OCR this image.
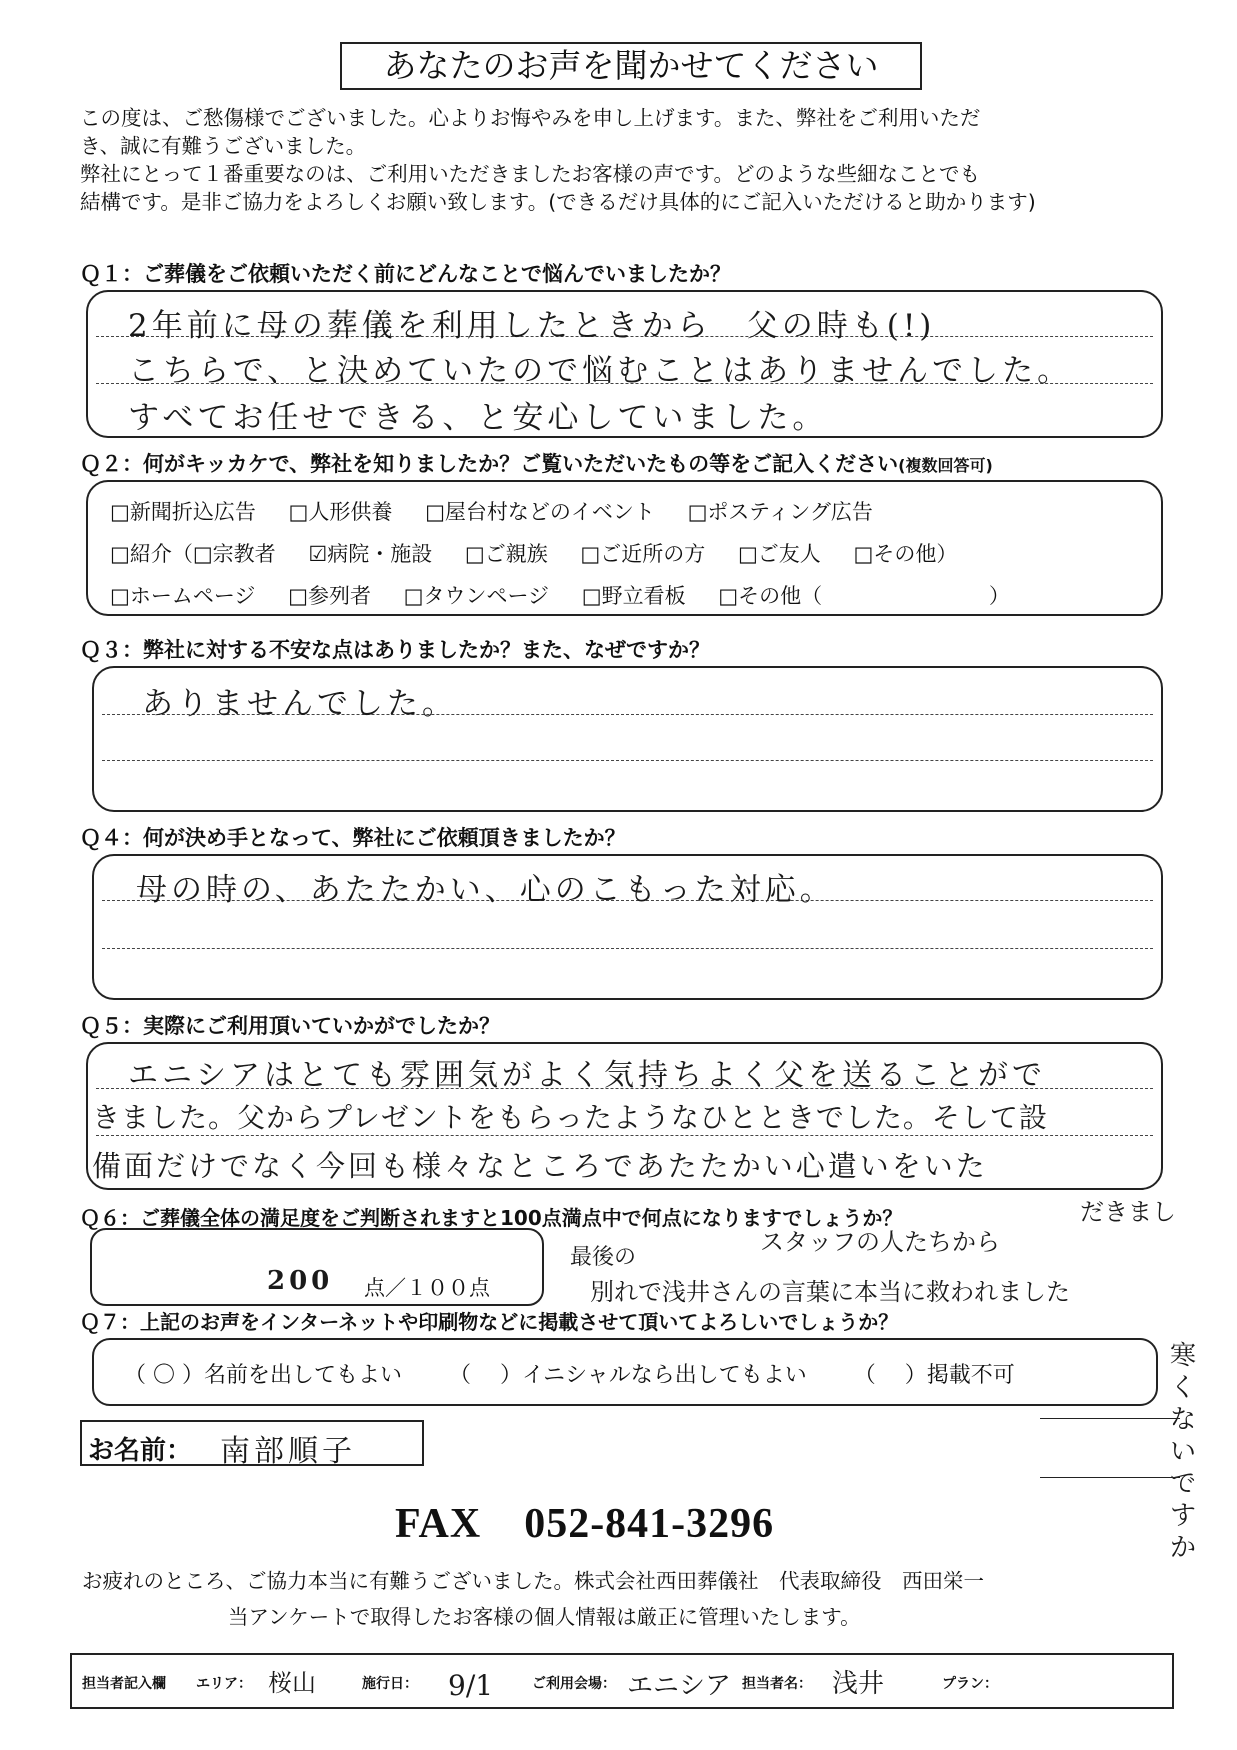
あなたのお声を聞かせてください
この度は、ご愁傷様でございました。心よりお悔やみを申し上げます。また、弊社をご利用いただ
き、誠に有難うございました。
弊社にとって１番重要なのは、ご利用いただきましたお客様の声です。どのような些細なことでも
結構です。是非ご協力をよろしくお願い致します。(できるだけ具体的にご記入いただけると助かります)
Ｑ１：ご葬儀をご依頼いただく前にどんなことで悩んでいましたか？
2年前に母の葬儀を利用したときから　父の時も(!)
こちらで、と決めていたので悩むことはありませんでした。
すべてお任せできる、と安心していました。
Ｑ２：何がキッカケで、弊社を知りましたか？ご覧いただいたもの等をご記入ください(複数回答可)
□新聞折込広告 □人形供養 □屋台村などのイベント □ポスティング広告
□紹介（□宗教者 ☑病院・施設 □ご親族 □ご近所の方 □ご友人 □その他）
□ホームページ □参列者 □タウンページ □野立看板 □その他（	）
Ｑ３：弊社に対する不安な点はありましたか？また、なぜですか？
ありませんでした。
Ｑ４：何が決め手となって、弊社にご依頼頂きましたか？
母の時の、あたたかい、心のこもった対応。
Ｑ５：実際にご利用頂いていかがでしたか？
エニシアはとても雰囲気がよく気持ちよく父を送ることがで
きました。父からプレゼントをもらったようなひとときでした。そして設
備面だけでなく今回も様々なところであたたかい心遣いをいた
Ｑ６：ご葬儀全体の満足度をご判断されますと100点満点中で何点になりますでしょうか？
200 点／１００点
だきまし
スタッフの人たちから
最後の
別れで浅井さんの言葉に本当に救われました
Ｑ７：上記のお声をインターネットや印刷物などに掲載させて頂いてよろしいでしょうか？
（ 〇 ）名前を出してもよい （　 ）イニシャルなら出してもよい （　 ）掲載不可
寒くないですか
お名前： 南部順子
FAX　052-841-3296
お疲れのところ、ご協力本当に有難うございました。株式会社西田葬儀社　代表取締役　西田栄一
当アンケートで取得したお客様の個人情報は厳正に管理いたします。
担当者記入欄 エリア： 桜山	施行日： 9/1	ご利用会場： エニシア 担当者名： 浅井	プラン：
